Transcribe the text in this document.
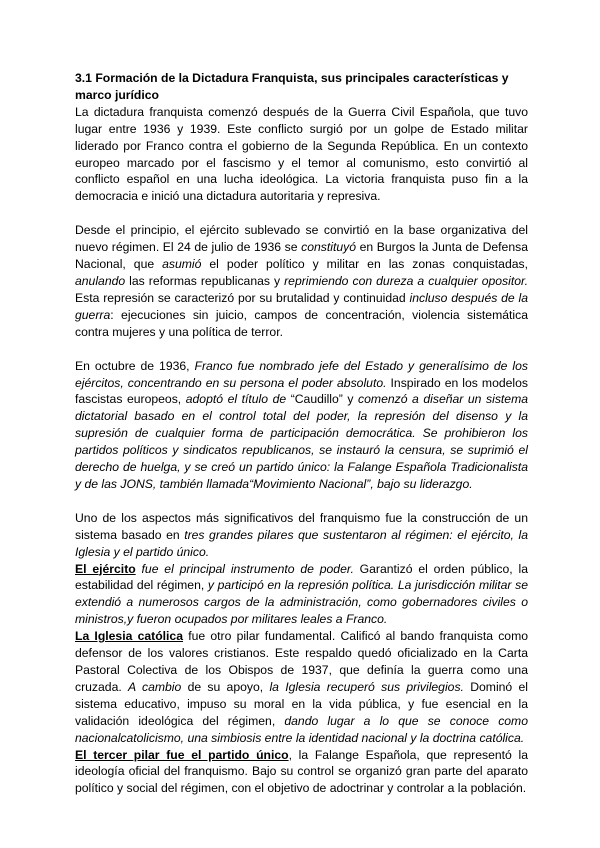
3.1 Formación de la Dictadura Franquista, sus principales características y marco jurídico

La dictadura franquista comenzó después de la Guerra Civil Española, que tuvo lugar entre 1936 y 1939. Este conflicto surgió por un golpe de Estado militar liderado por Franco contra el gobierno de la Segunda República. En un contexto europeo marcado por el fascismo y el temor al comunismo, esto convirtió al conflicto español en una lucha ideológica. La victoria franquista puso fin a la democracia e inició una dictadura autoritaria y represiva.

Desde el principio, el ejército sublevado se convirtió en la base organizativa del nuevo régimen. El 24 de julio de 1936 se constituyó en Burgos la Junta de Defensa Nacional, que asumió el poder político y militar en las zonas conquistadas, anulando las reformas republicanas y reprimiendo con dureza a cualquier opositor. Esta represión se caracterizó por su brutalidad y continuidad incluso después de la guerra: ejecuciones sin juicio, campos de concentración, violencia sistemática contra mujeres y una política de terror.

En octubre de 1936, Franco fue nombrado jefe del Estado y generalísimo de los ejércitos, concentrando en su persona el poder absoluto. Inspirado en los modelos fascistas europeos, adoptó el título de “Caudillo” y comenzó a diseñar un sistema dictatorial basado en el control total del poder, la represión del disenso y la supresión de cualquier forma de participación democrática. Se prohibieron los partidos políticos y sindicatos republicanos, se instauró la censura, se suprimió el derecho de huelga, y se creó un partido único: la Falange Española Tradicionalista y de las JONS, también llamada“Movimiento Nacional”, bajo su liderazgo.

Uno de los aspectos más significativos del franquismo fue la construcción de un sistema basado en tres grandes pilares que sustentaron al régimen: el ejército, la Iglesia y el partido único.

El ejército fue el principal instrumento de poder. Garantizó el orden público, la estabilidad del régimen, y participó en la represión política. La jurisdicción militar se extendió a numerosos cargos de la administración, como gobernadores civiles o ministros,y fueron ocupados por militares leales a Franco.

La Iglesia católica fue otro pilar fundamental. Calificó al bando franquista como defensor de los valores cristianos. Este respaldo quedó oficializado en la Carta Pastoral Colectiva de los Obispos de 1937, que definía la guerra como una cruzada. A cambio de su apoyo, la Iglesia recuperó sus privilegios. Dominó el sistema educativo, impuso su moral en la vida pública, y fue esencial en la validación ideológica del régimen, dando lugar a lo que se conoce como nacionalcatolicismo, una simbiosis entre la identidad nacional y la doctrina católica.

El tercer pilar fue el partido único, la Falange Española, que representó la ideología oficial del franquismo. Bajo su control se organizó gran parte del aparato político y social del régimen, con el objetivo de adoctrinar y controlar a la población.
